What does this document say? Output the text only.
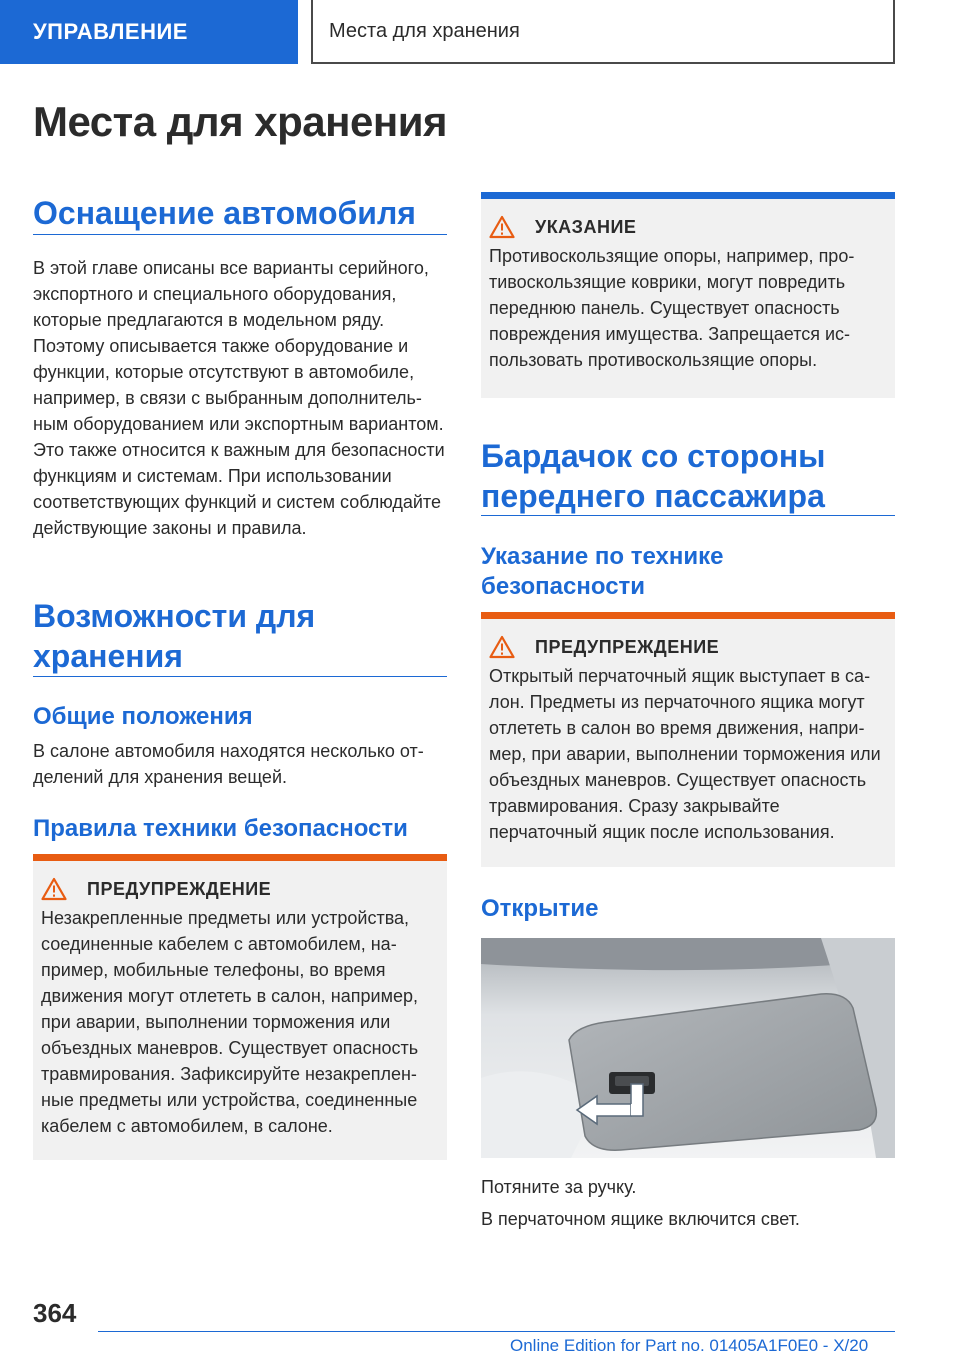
УПРАВЛЕНИЕ	Места для хранения
Места для хранения
Оснащение автомобиля

В этой главе описаны все варианты серийного, экспортного и специального оборудования, которые предлагаются в модельном ряду. Поэтому описывается также оборудование и функции, которые отсутствуют в автомобиле, например, в связи с выбранным дополнительным оборудованием или экспортным вариантом. Это также относится к важным для безопасности функциям и системам. При использовании соответствующих функций и систем соблюдайте действующие законы и правила.

Возможности для
хранения
Общие положения

В салоне автомобиля находятся несколько отделений для хранения вещей.

Правила техники безопасности
ПРЕДУПРЕЖДЕНИЕ

Незакрепленные предметы или устройства, соединенные кабелем с автомобилем, например, мобильные телефоны, во время движения могут отлететь в салон, например, при аварии, выполнении торможения или объездных маневров. Существует опасность травмирования. Зафиксируйте незакрепленные предметы или устройства, соединенные кабелем с автомобилем, в салоне.

УКАЗАНИЕ

Противоскользящие опоры, например, противоскользящие коврики, могут повредить переднюю панель. Существует опасность повреждения имущества. Запрещается использовать противоскользящие опоры.

Бардачок со стороны
переднего пассажира
Указание по технике
безопасности
ПРЕДУПРЕЖДЕНИЕ

Открытый перчаточный ящик выступает в салон. Предметы из перчаточного ящика могут отлететь в салон во время движения, например, при аварии, выполнении торможения или объездных маневров. Существует опасность травмирования. Сразу закрывайте перчаточный ящик после использования.

Открытие

Потяните за ручку.

В перчаточном ящике включится свет.

364
Online Edition for Part no. 01405A1F0E0 - X/20
